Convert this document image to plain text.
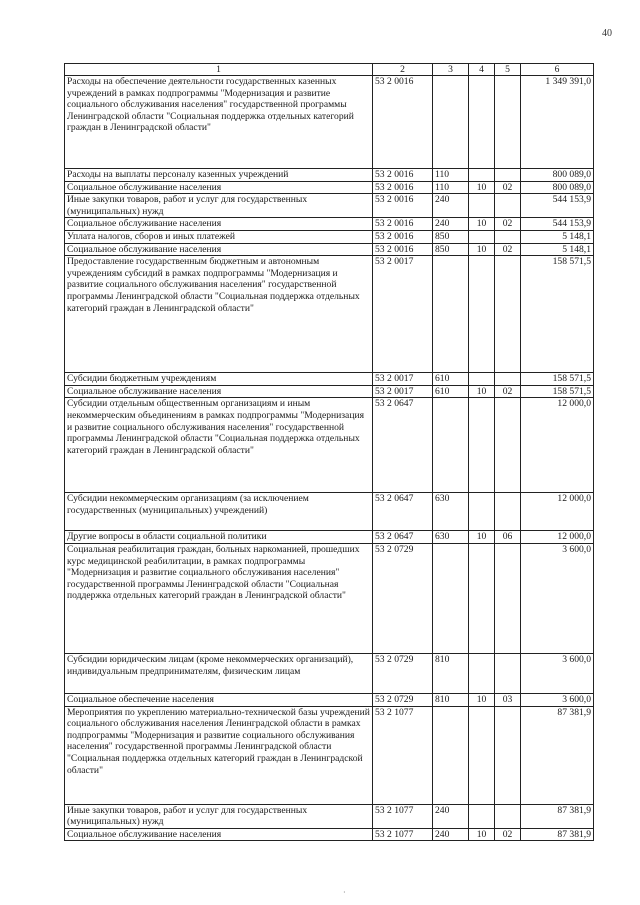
40
1	2	3	4	5	6
Расходы на обеспечение деятельности государственных казенных учреждений в рамках подпрограммы "Модернизация и развитие социального обслуживания населения" государственной программы Ленинградской области "Социальная поддержка отдельных категорий граждан в Ленинградской области"	53 2 0016				1 349 391,0
Расходы на выплаты персоналу казенных учреждений	53 2 0016	110			800 089,0
Социальное обслуживание населения	53 2 0016	110	10	02	800 089,0
Иные закупки товаров, работ и услуг для государственных (муниципальных) нужд	53 2 0016	240			544 153,9
Социальное обслуживание населения	53 2 0016	240	10	02	544 153,9
Уплата налогов, сборов и иных платежей	53 2 0016	850			5 148,1
Социальное обслуживание населения	53 2 0016	850	10	02	5 148,1
Предоставление государственным бюджетным и автономным учреждениям субсидий в рамках подпрограммы "Модернизация и развитие социального обслуживания населения" государственной программы Ленинградской области "Социальная поддержка отдельных категорий граждан в Ленинградской области"	53 2 0017				158 571,5
Субсидии бюджетным учреждениям	53 2 0017	610			158 571,5
Социальное обслуживание населения	53 2 0017	610	10	02	158 571,5
Субсидии отдельным общественным организациям и иным некоммерческим объединениям в рамках подпрограммы "Модернизация и развитие социального обслуживания населения" государственной программы Ленинградской области "Социальная поддержка отдельных категорий граждан в Ленинградской области"	53 2 0647				12 000,0
Субсидии некоммерческим организациям (за исключением государственных (муниципальных) учреждений)	53 2 0647	630			12 000,0
Другие вопросы в области социальной политики	53 2 0647	630	10	06	12 000,0
Социальная реабилитация граждан, больных наркоманией, прошедших курс медицинской реабилитации, в рамках подпрограммы "Модернизация и развитие социального обслуживания населения" государственной программы Ленинградской области "Социальная поддержка отдельных категорий граждан в Ленинградской области"	53 2 0729				3 600,0
Субсидии юридическим лицам (кроме некоммерческих организаций), индивидуальным предпринимателям, физическим лицам	53 2 0729	810			3 600,0
Социальное обеспечение населения	53 2 0729	810	10	03	3 600,0
Мероприятия по укреплению материально-технической базы учреждений социального обслуживания населения Ленинградской области в рамках подпрограммы "Модернизация и развитие социального обслуживания населения" государственной программы Ленинградской области "Социальная поддержка отдельных категорий граждан в Ленинградской области"	53 2 1077				87 381,9
Иные закупки товаров, работ и услуг для государственных (муниципальных) нужд	53 2 1077	240			87 381,9
Социальное обслуживание населения	53 2 1077	240	10	02	87 381,9
·
